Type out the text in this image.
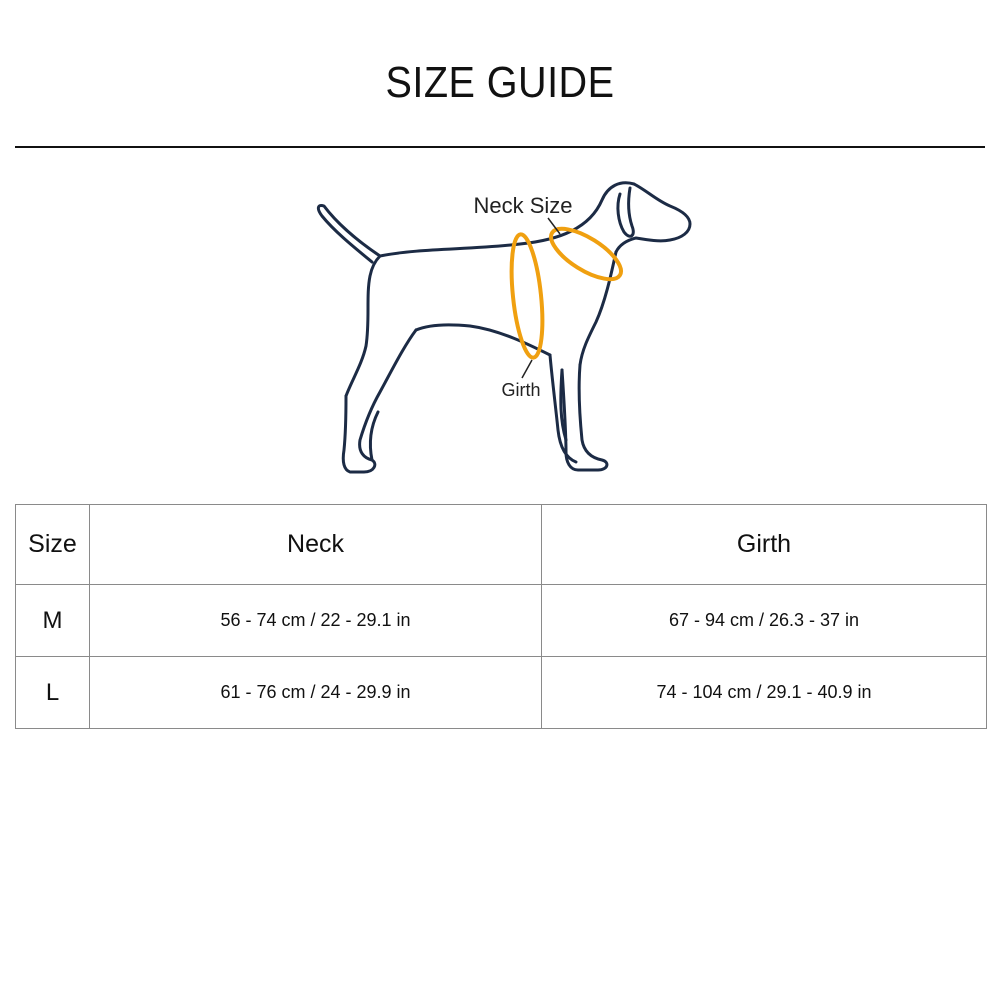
SIZE GUIDE
Neck Size
Girth
Size	Neck	Girth
M	56 - 74 cm / 22 - 29.1 in	67 - 94 cm / 26.3 - 37 in
L	61 - 76 cm / 24 - 29.9 in	74 - 104 cm / 29.1 - 40.9 in
